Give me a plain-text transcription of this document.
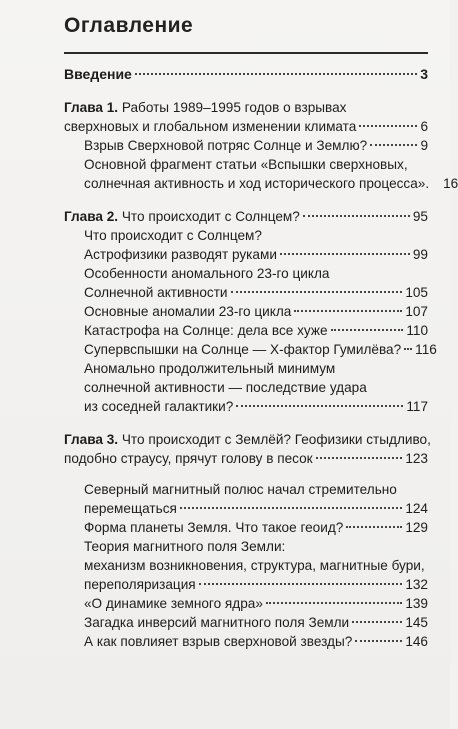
Оглавление
Введение	3
Глава 1. Работы 1989–1995 годов о взрывах
сверхновых и глобальном изменении климата	6
Взрыв Сверхновой потряс Солнце и Землю?	9
Основной фрагмент статьи «Вспышки сверхновых,
солнечная активность и ход исторического процесса». 16
Глава 2. Что происходит с Солнцем?	95
Что происходит с Солнцем?
Астрофизики разводят руками	99
Особенности аномального 23-го цикла
Солнечной активности	105
Основные аномалии 23-го цикла	107
Катастрофа на Солнце: дела все хуже	110
Супервспышки на Солнце — Х-фактор Гумилёва? 116
Аномально продолжительный минимум
солнечной активности — последствие удара
из соседней галактики?	117
Глава 3. Что происходит с Землёй? Геофизики стыдливо,
подобно страусу, прячут голову в песок	123
Северный магнитный полюс начал стремительно
перемещаться	124
Форма планеты Земля. Что такое геоид?	129
Теория магнитного поля Земли:
механизм возникновения, структура, магнитные бури,
переполяризация	132
«О динамике земного ядра»	139
Загадка инверсий магнитного поля Земли	145
А как повлияет взрыв сверхновой звезды?	146
